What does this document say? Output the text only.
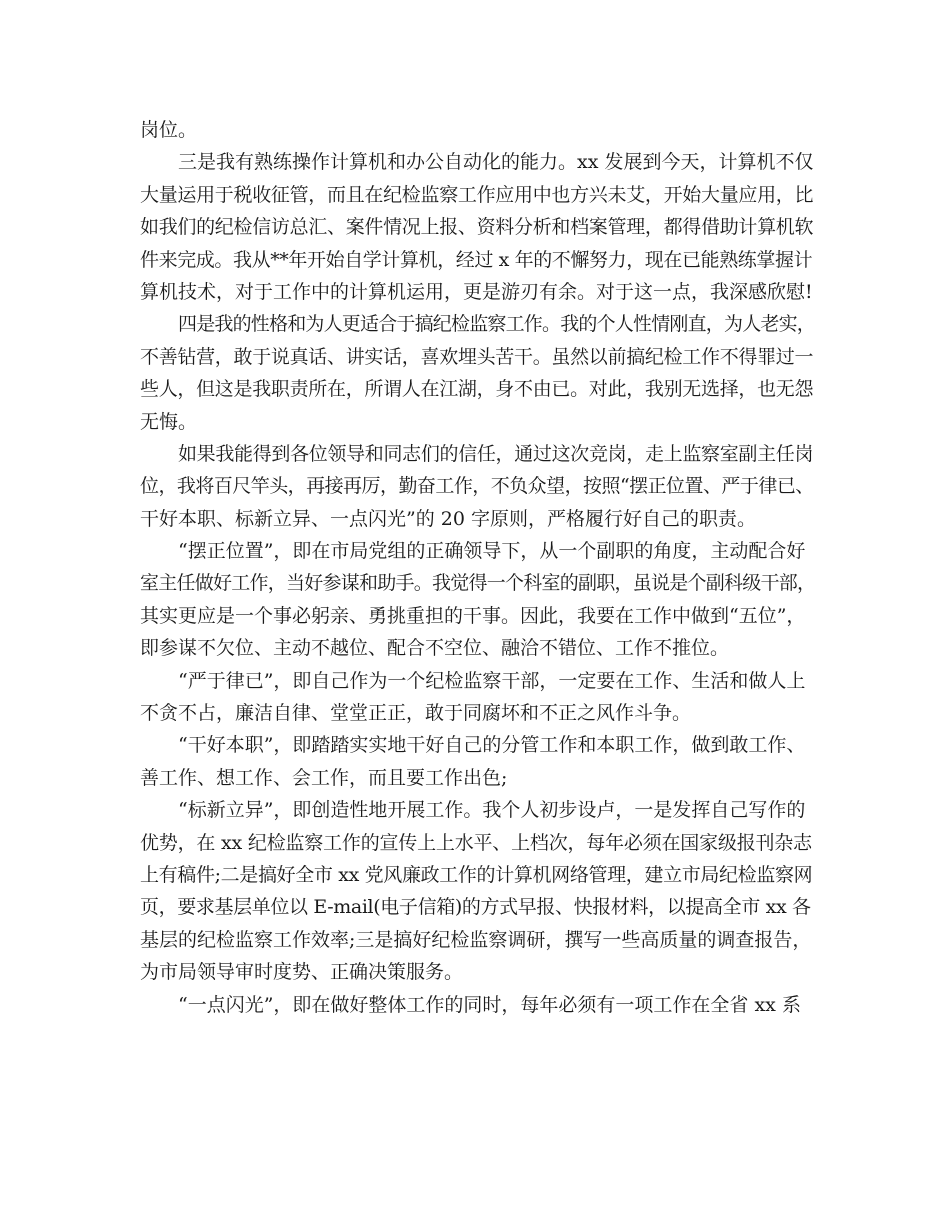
岗位。
三是我有熟练操作计算机和办公自动化的能力。xx 发展到今天，计算机不仅
大量运用于税收征管，而且在纪检监察工作应用中也方兴未艾，开始大量应用，比
如我们的纪检信访总汇、案件情况上报、资料分析和档案管理，都得借助计算机软
件来完成。我从**年开始自学计算机，经过 x 年的不懈努力，现在已能熟练掌握计
算机技术，对于工作中的计算机运用，更是游刃有余。对于这一点，我深感欣慰!
四是我的性格和为人更适合于搞纪检监察工作。我的个人性情刚直，为人老实，
不善钻营，敢于说真话、讲实话，喜欢埋头苦干。虽然以前搞纪检工作不得罪过一
些人，但这是我职责所在，所谓人在江湖，身不由已。对此，我别无选择，也无怨
无悔。
如果我能得到各位领导和同志们的信任，通过这次竞岗，走上监察室副主任岗
位，我将百尺竿头，再接再厉，勤奋工作，不负众望，按照“摆正位置、严于律已、
干好本职、标新立异、一点闪光”的 20 字原则，严格履行好自己的职责。
“摆正位置”，即在市局党组的正确领导下，从一个副职的角度，主动配合好
室主任做好工作，当好参谋和助手。我觉得一个科室的副职，虽说是个副科级干部，
其实更应是一个事必躬亲、勇挑重担的干事。因此，我要在工作中做到“五位”，
即参谋不欠位、主动不越位、配合不空位、融洽不错位、工作不推位。
“严于律已”，即自己作为一个纪检监察干部，一定要在工作、生活和做人上
不贪不占，廉洁自律、堂堂正正，敢于同腐坏和不正之风作斗争。
“干好本职”，即踏踏实实地干好自己的分管工作和本职工作，做到敢工作、
善工作、想工作、会工作，而且要工作出色;
“标新立异”，即创造性地开展工作。我个人初步设卢，一是发挥自己写作的
优势，在 xx 纪检监察工作的宣传上上水平、上档次，每年必须在国家级报刊杂志
上有稿件;二是搞好全市 xx 党风廉政工作的计算机网络管理，建立市局纪检监察网
页，要求基层单位以 E-mail(电子信箱)的方式早报、快报材料，以提高全市 xx 各
基层的纪检监察工作效率;三是搞好纪检监察调研，撰写一些高质量的调查报告，
为市局领导审时度势、正确决策服务。
“一点闪光”，即在做好整体工作的同时，每年必须有一项工作在全省 xx 系
